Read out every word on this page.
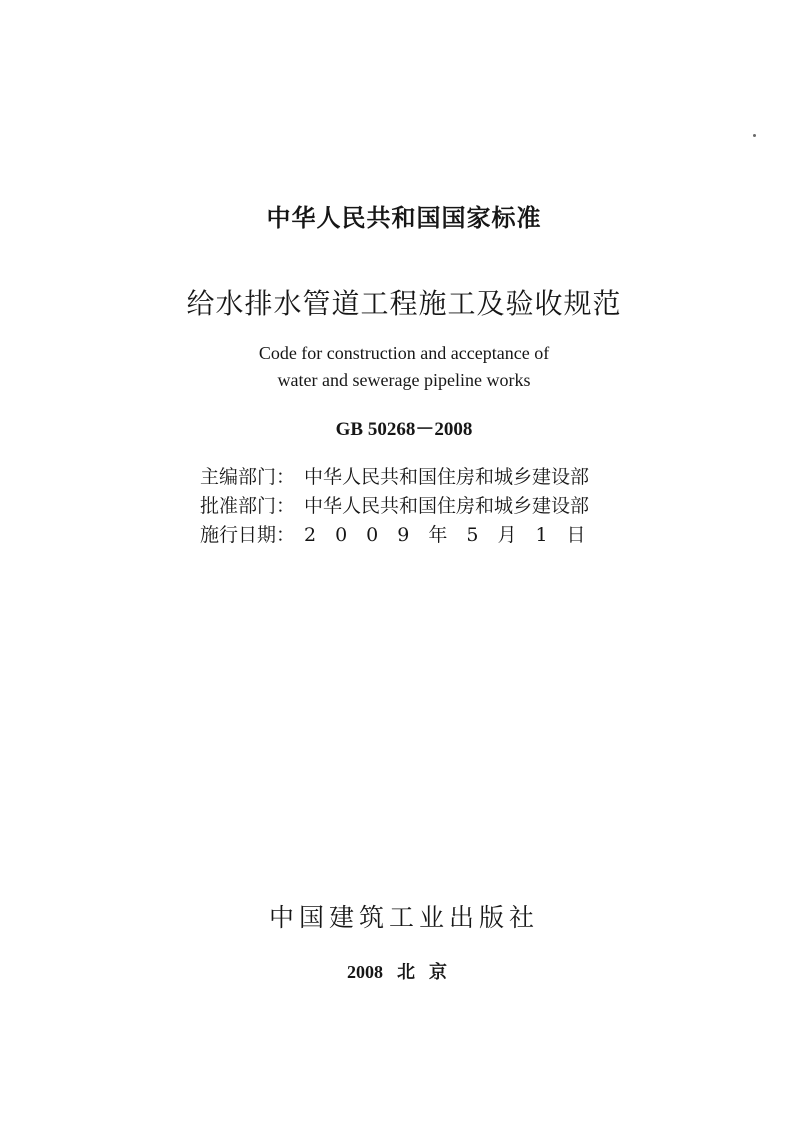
中华人民共和国国家标准
给水排水管道工程施工及验收规范
Code for construction and acceptance of
water and sewerage pipeline works
GB 50268－2008
主编部门： 中华人民共和国住房和城乡建设部
批准部门： 中华人民共和国住房和城乡建设部
施行日期： 2009年5月1日
中国建筑工业出版社
2008 北京
